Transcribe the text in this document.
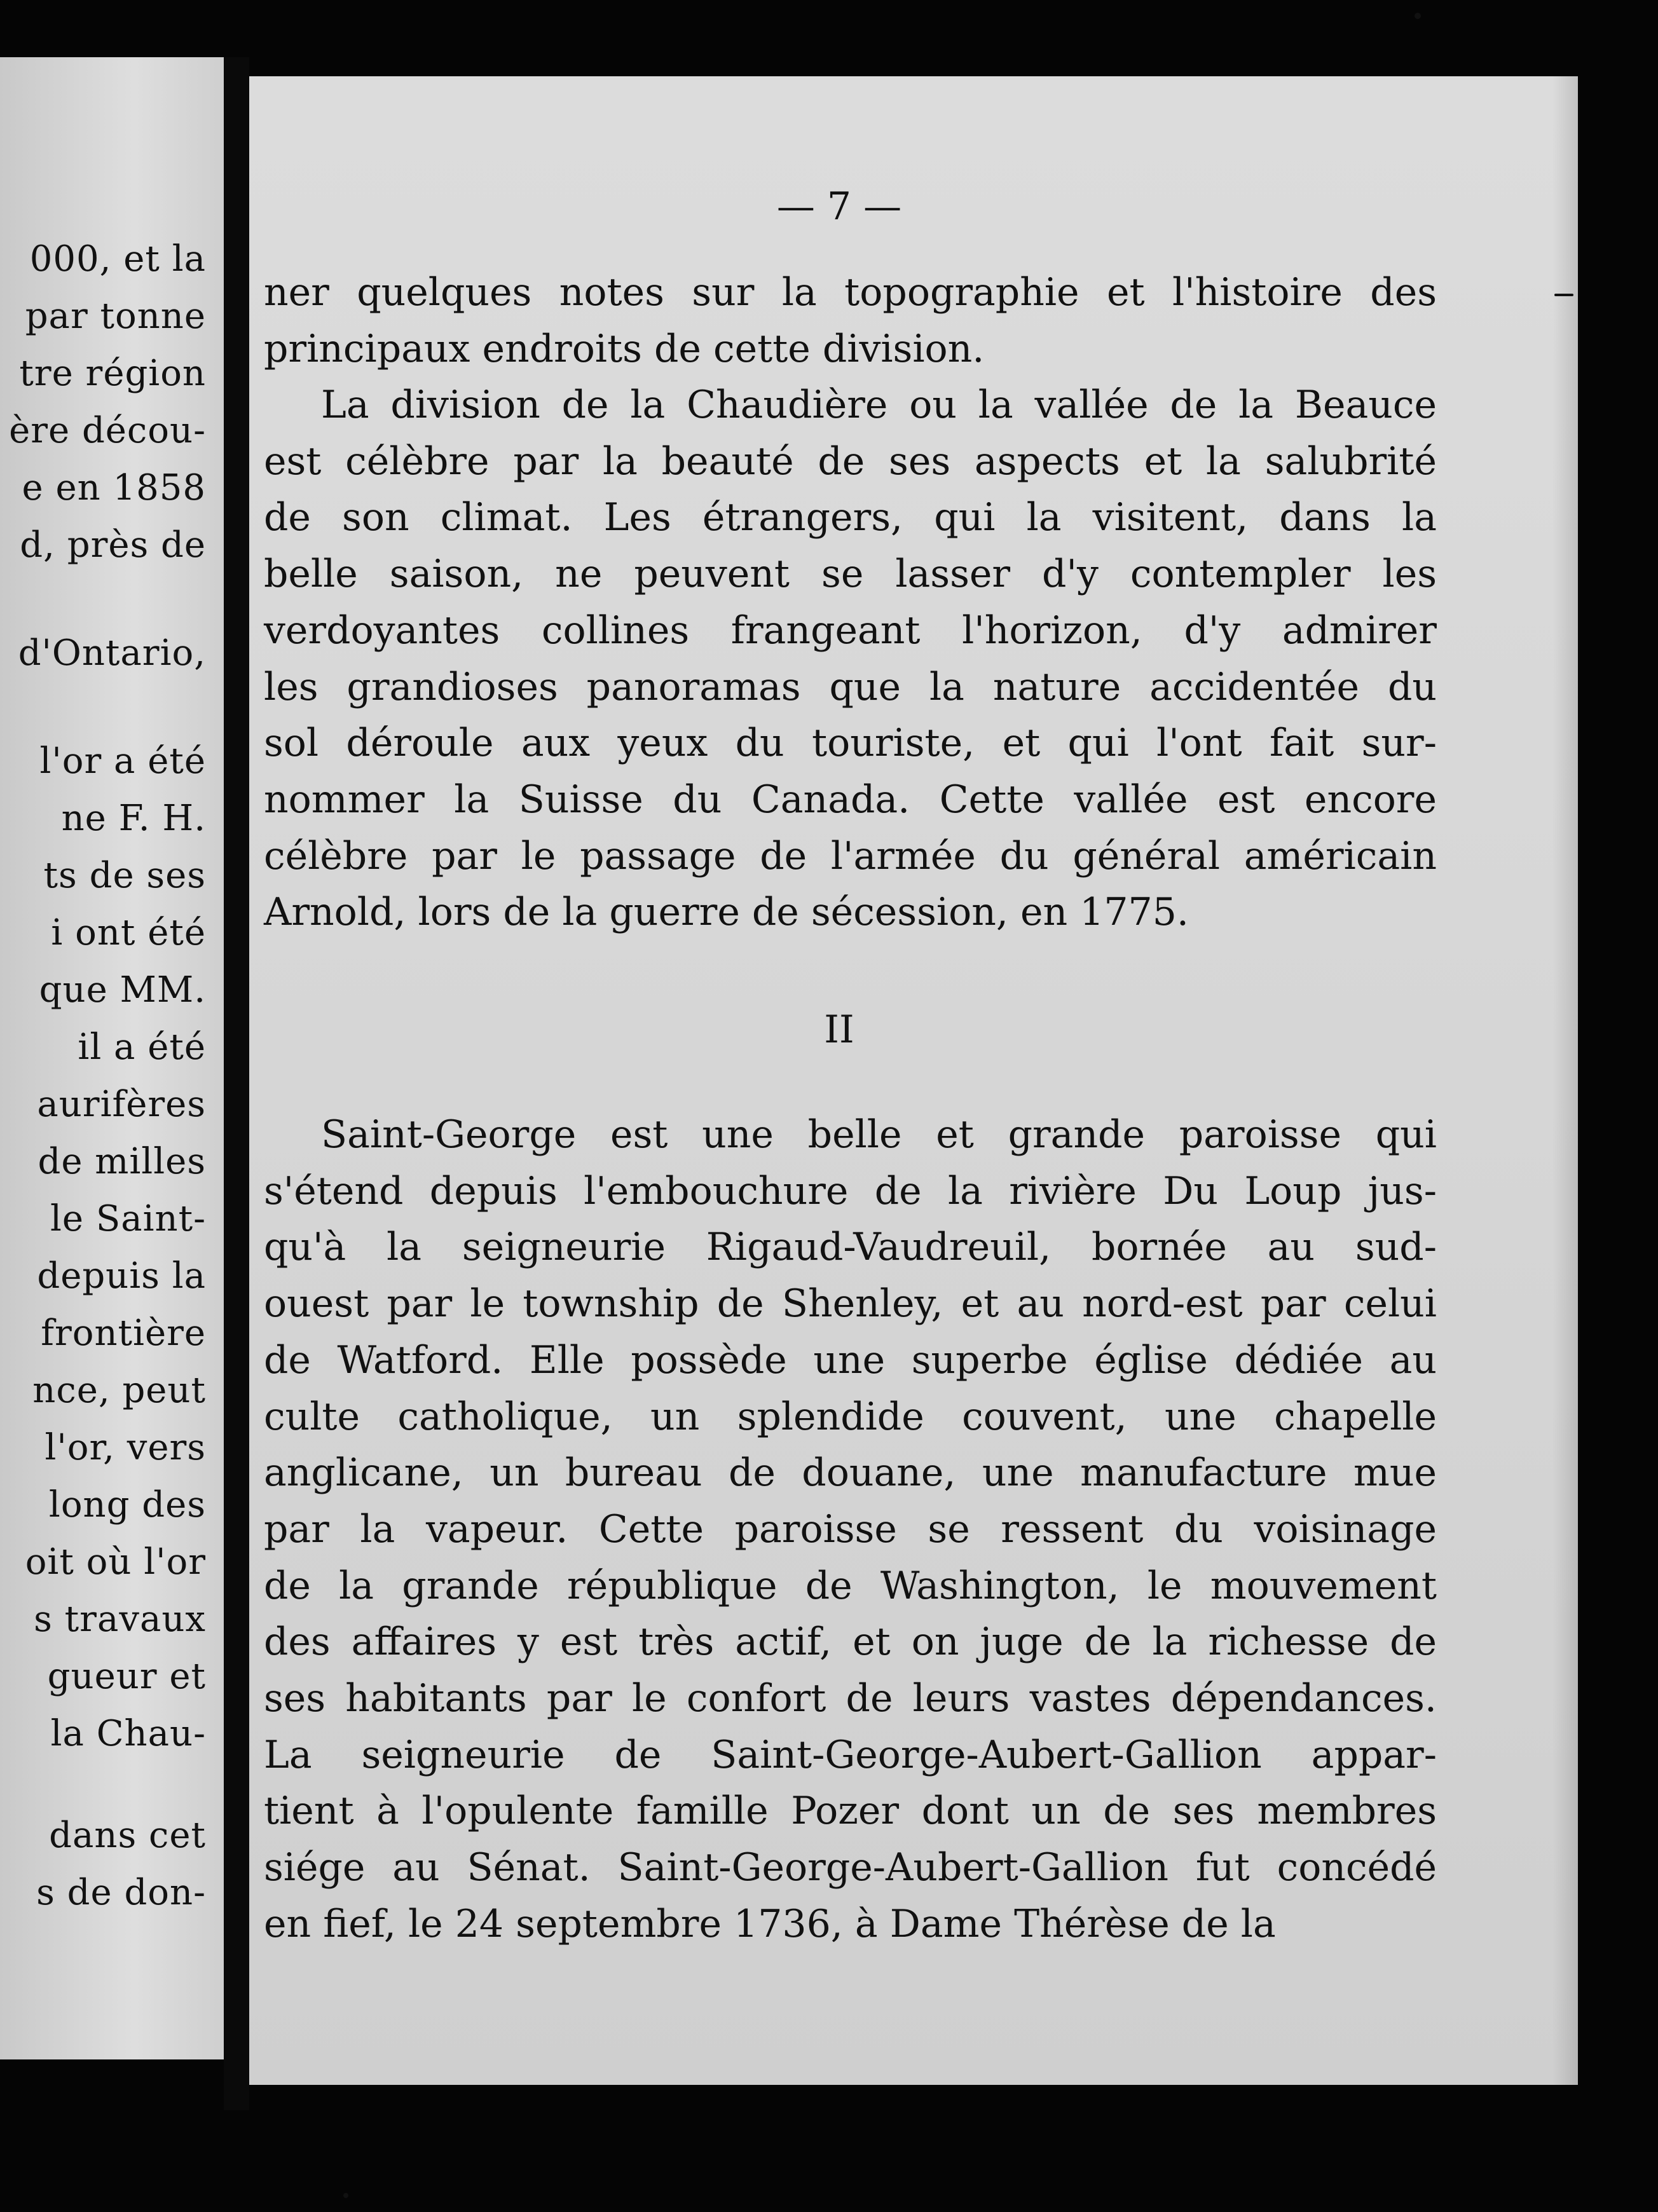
000, et la
par tonne
tre région
ère décou-
e en 1858
d, près de
d'Ontario,
l'or a été
ne F. H.
ts de ses
i ont été
que MM.
il a été
aurifères
de milles
le Saint-
depuis la
frontière
nce, peut
l'or, vers
long des
oit où l'or
s travaux
gueur et
la Chau-
dans cet
s de don-
— 7 —
ner quelques notes sur la topographie et l'histoire des
principaux endroits de cette division.
La division de la Chaudière ou la vallée de la Beauce
est célèbre par la beauté de ses aspects et la salubrité
de son climat. Les étrangers, qui la visitent, dans la
belle saison, ne peuvent se lasser d'y contempler les
verdoyantes collines frangeant l'horizon, d'y admirer
les grandioses panoramas que la nature accidentée du
sol déroule aux yeux du touriste, et qui l'ont fait sur-
nommer la Suisse du Canada. Cette vallée est encore
célèbre par le passage de l'armée du général américain
Arnold, lors de la guerre de sécession, en 1775.
II
Saint-George est une belle et grande paroisse qui
s'étend depuis l'embouchure de la rivière Du Loup jus-
qu'à la seigneurie Rigaud-Vaudreuil, bornée au sud-
ouest par le township de Shenley, et au nord-est par celui
de Watford. Elle possède une superbe église dédiée au
culte catholique, un splendide couvent, une chapelle
anglicane, un bureau de douane, une manufacture mue
par la vapeur. Cette paroisse se ressent du voisinage
de la grande république de Washington, le mouvement
des affaires y est très actif, et on juge de la richesse de
ses habitants par le confort de leurs vastes dépendances.
La seigneurie de Saint-George-Aubert-Gallion appar-
tient à l'opulente famille Pozer dont un de ses membres
siége au Sénat. Saint-George-Aubert-Gallion fut concédé
en fief, le 24 septembre 1736, à Dame Thérèse de la
